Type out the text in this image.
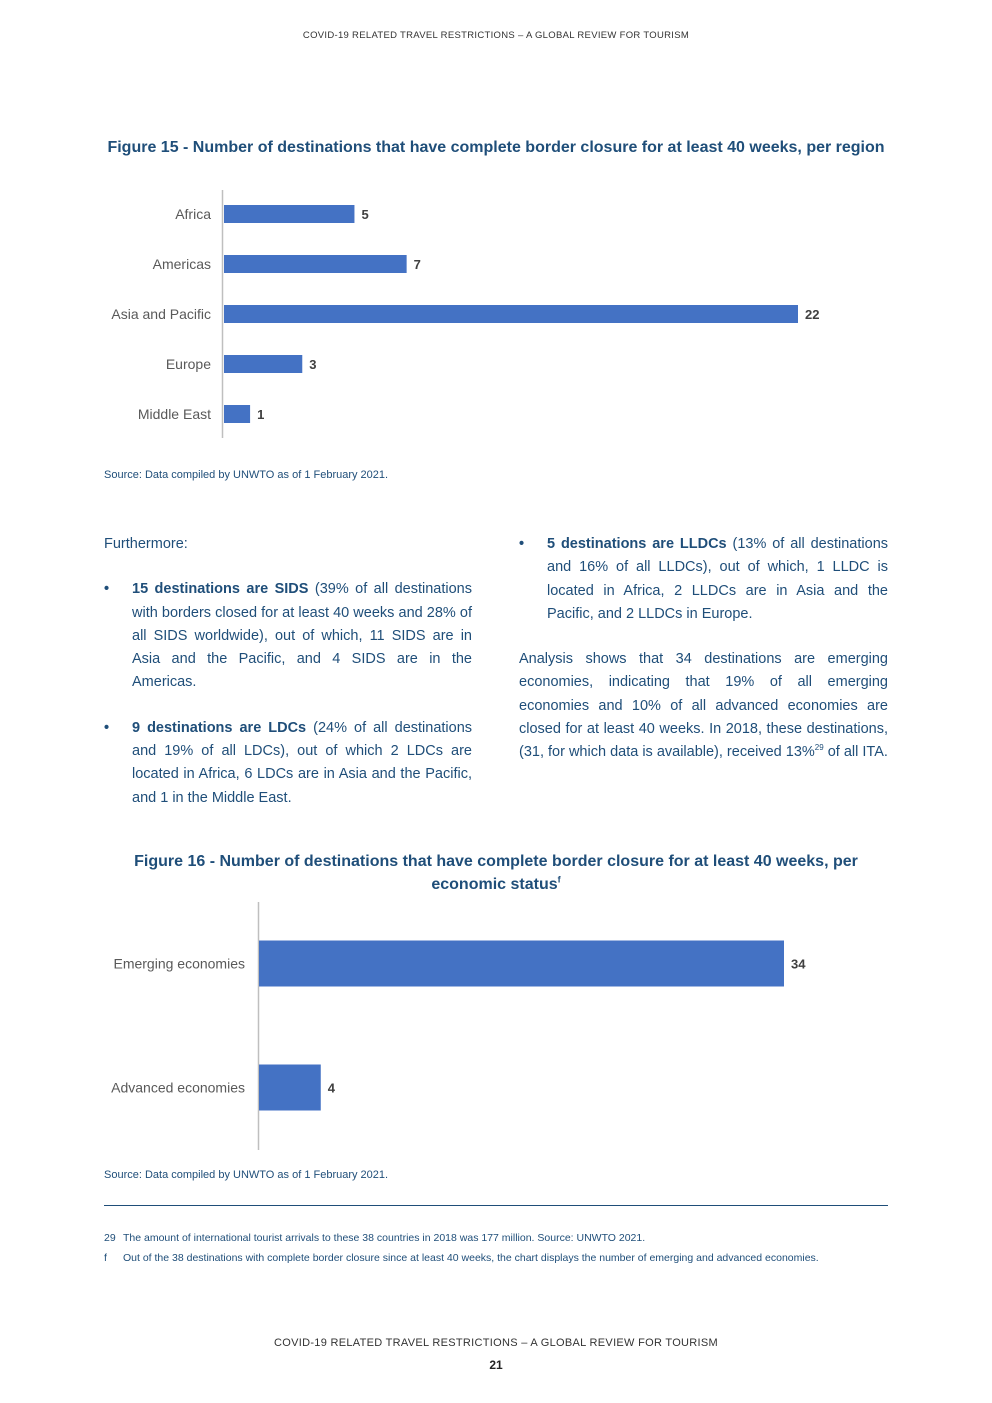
COVID-19 RELATED TRAVEL RESTRICTIONS – A GLOBAL REVIEW FOR TOURISM
Figure 15 - Number of destinations that have complete border closure for at least 40 weeks, per region
Africa	5
Americas	7
Asia and Pacific	22
Europe	3
Middle East	1
Source: Data compiled by UNWTO as of 1 February 2021.

Furthermore:

• 15 destinations are SIDS (39% of all destinations with borders closed for at least 40 weeks and 28% of all SIDS worldwide), out of which, 11 SIDS are in Asia and the Pacific, and 4 SIDS are in the Americas.
• 9 destinations are LDCs (24% of all destinations and 19% of all LDCs), out of which 2 LDCs are located in Africa, 6 LDCs are in Asia and the Pacific, and 1 in the Middle East.
• 5 destinations are LLDCs (13% of all destinations and 16% of all LLDCs), out of which, 1 LLDC is located in Africa, 2 LLDCs are in Asia and the Pacific, and 2 LLDCs in Europe.

Analysis shows that 34 destinations are emerging economies, indicating that 19% of all emerging economies and 10% of all advanced economies are closed for at least 40 weeks. In 2018, these destinations, (31, for which data is available), received 13%$^{29}$ of all ITA.

Figure 16 - Number of destinations that have complete border closure for at least 40 weeks, per economic status$^f$
Emerging economies	34
Advanced economies	4
Source: Data compiled by UNWTO as of 1 February 2021.
29 The amount of international tourist arrivals to these 38 countries in 2018 was 177 million. Source: UNWTO 2021.
f Out of the 38 destinations with complete border closure since at least 40 weeks, the chart displays the number of emerging and advanced economies.
COVID-19 RELATED TRAVEL RESTRICTIONS – A GLOBAL REVIEW FOR TOURISM
21
